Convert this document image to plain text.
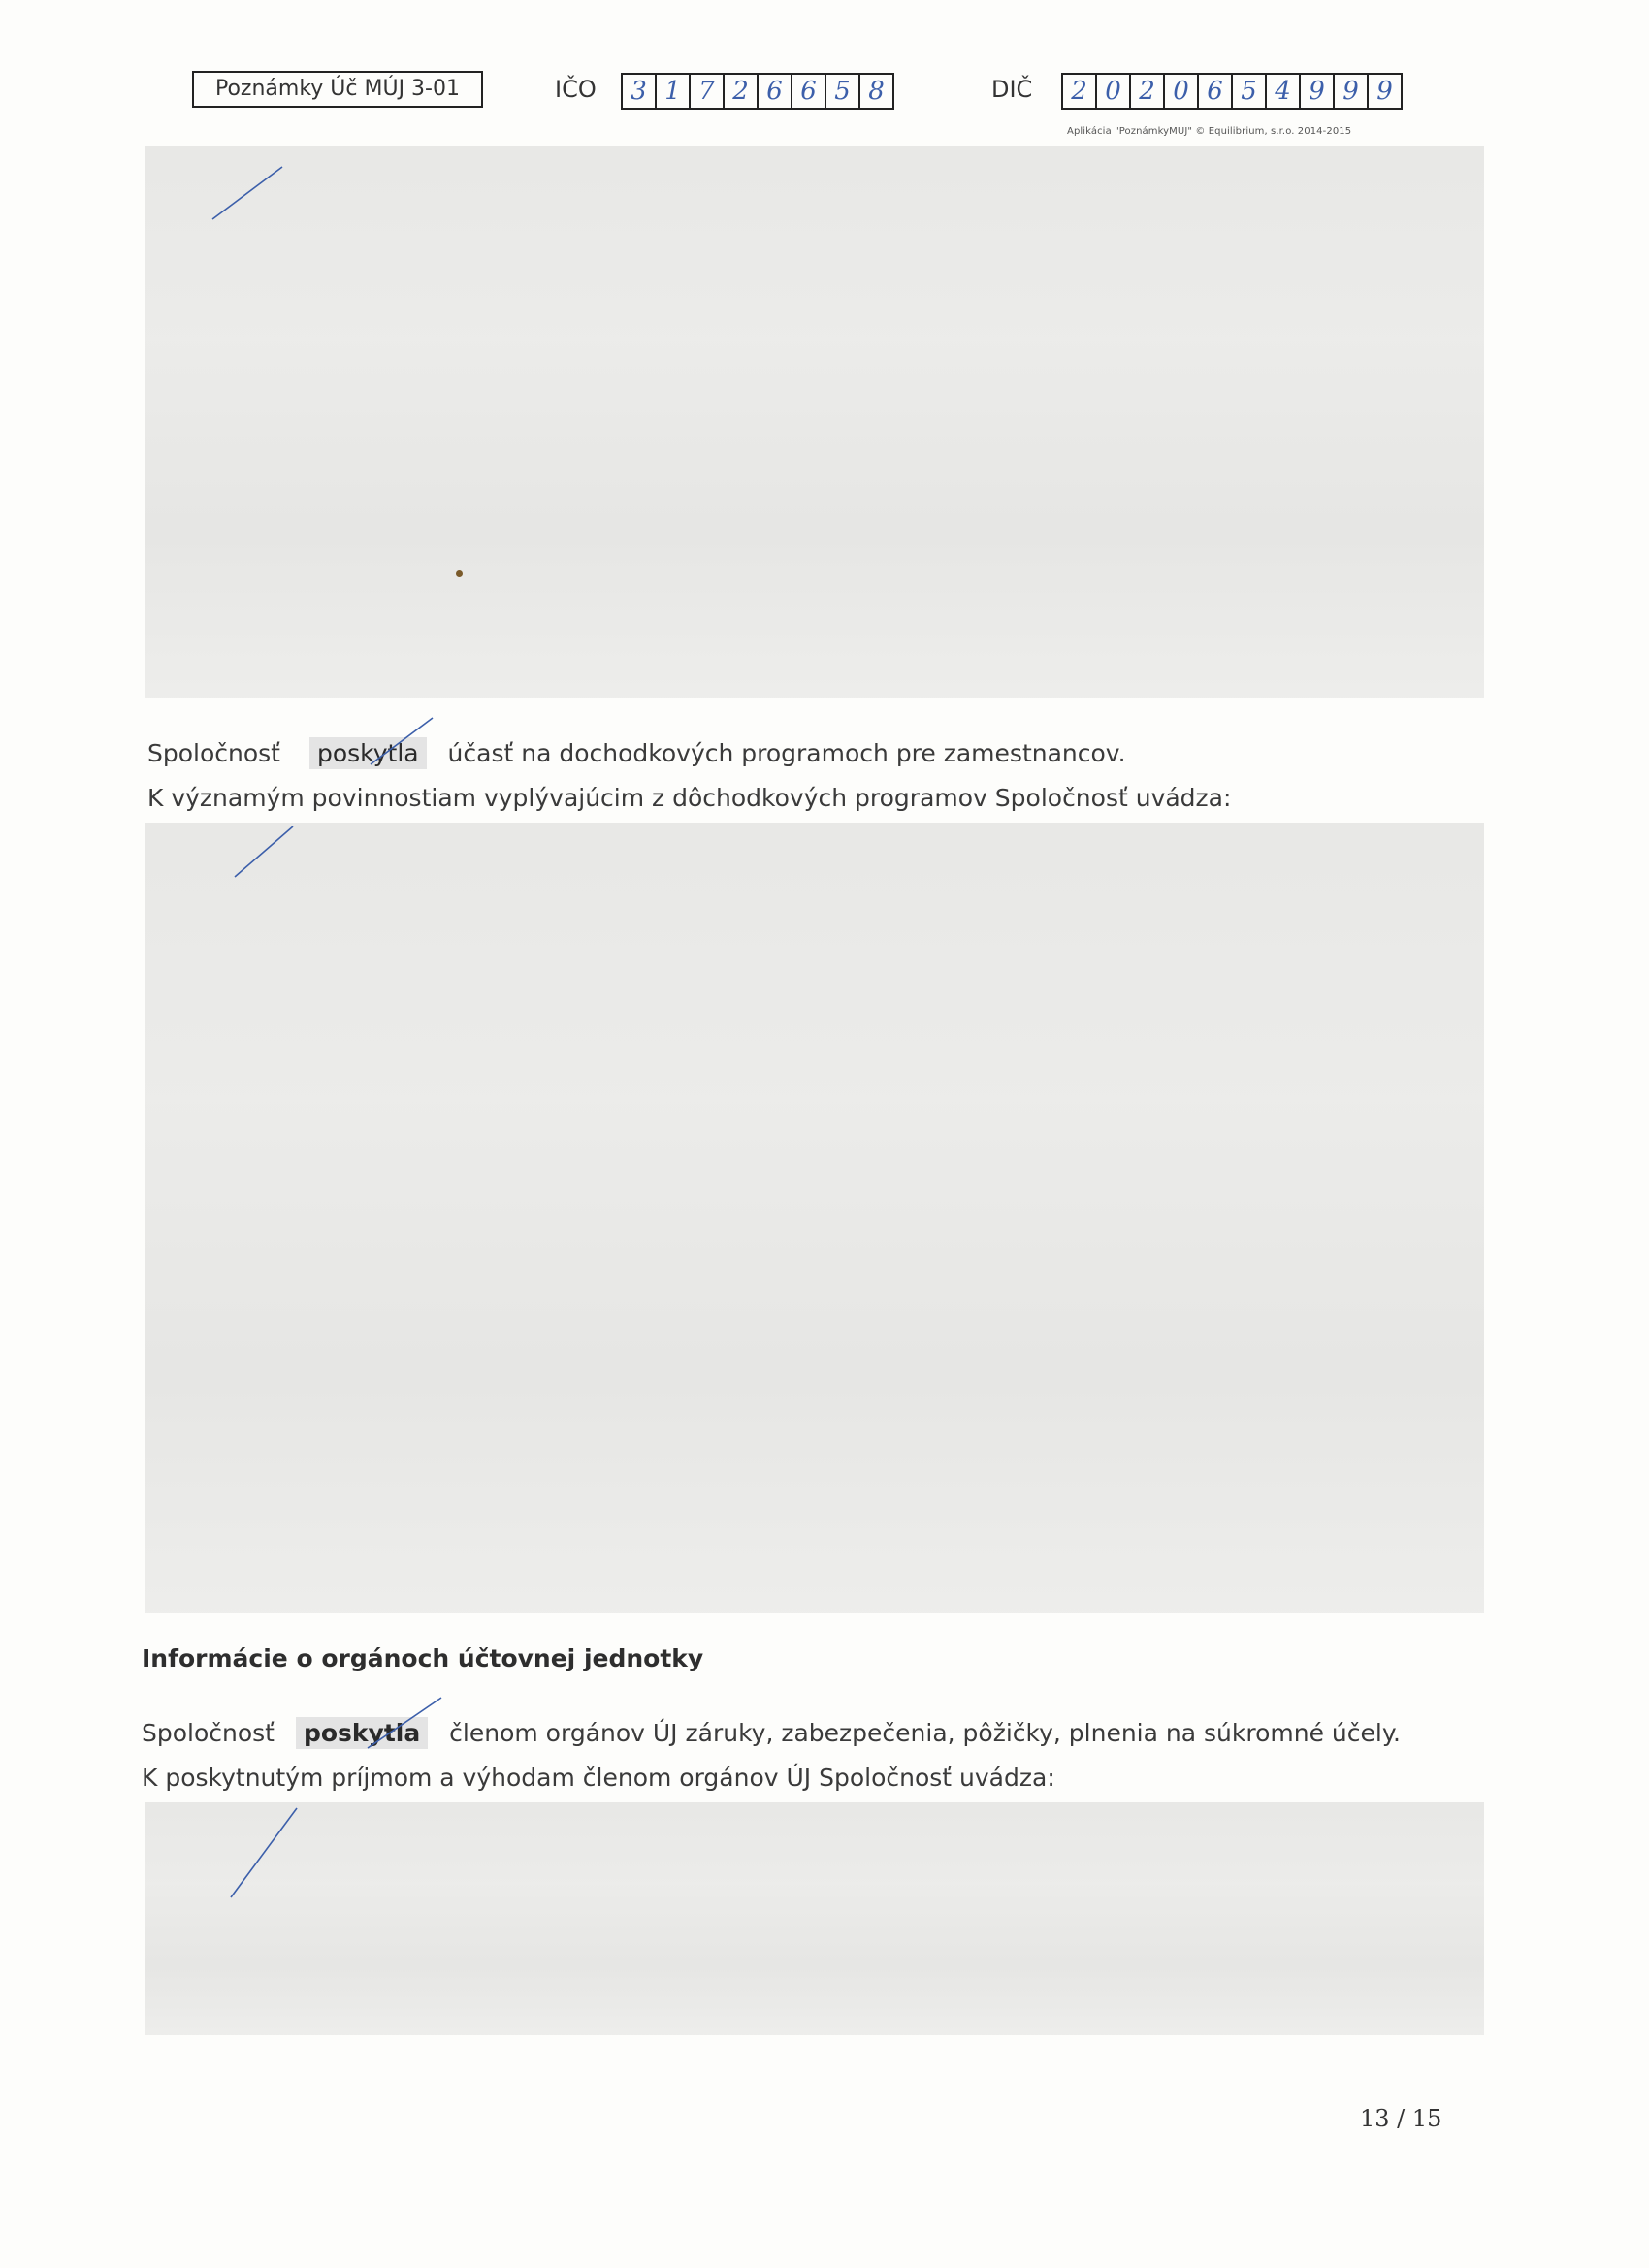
Poznámky Úč MÚJ 3-01	IČO	3 1 7 2 6 6 5 8	DIČ	2 0 2 0 6 5 4 9 9 9
Aplikácia "PoznámkyMUJ" © Equilibrium, s.r.o. 2014-2015
Spoločnosť poskytla účasť na dochodkových programoch pre zamestnancov.
K významým povinnostiam vyplývajúcim z dôchodkových programov Spoločnosť uvádza:
Informácie o orgánoch účtovnej jednotky
Spoločnosť poskytla členom orgánov ÚJ záruky, zabezpečenia, pôžičky, plnenia na súkromné účely.
K poskytnutým príjmom a výhodam členom orgánov ÚJ Spoločnosť uvádza:
13 / 15
